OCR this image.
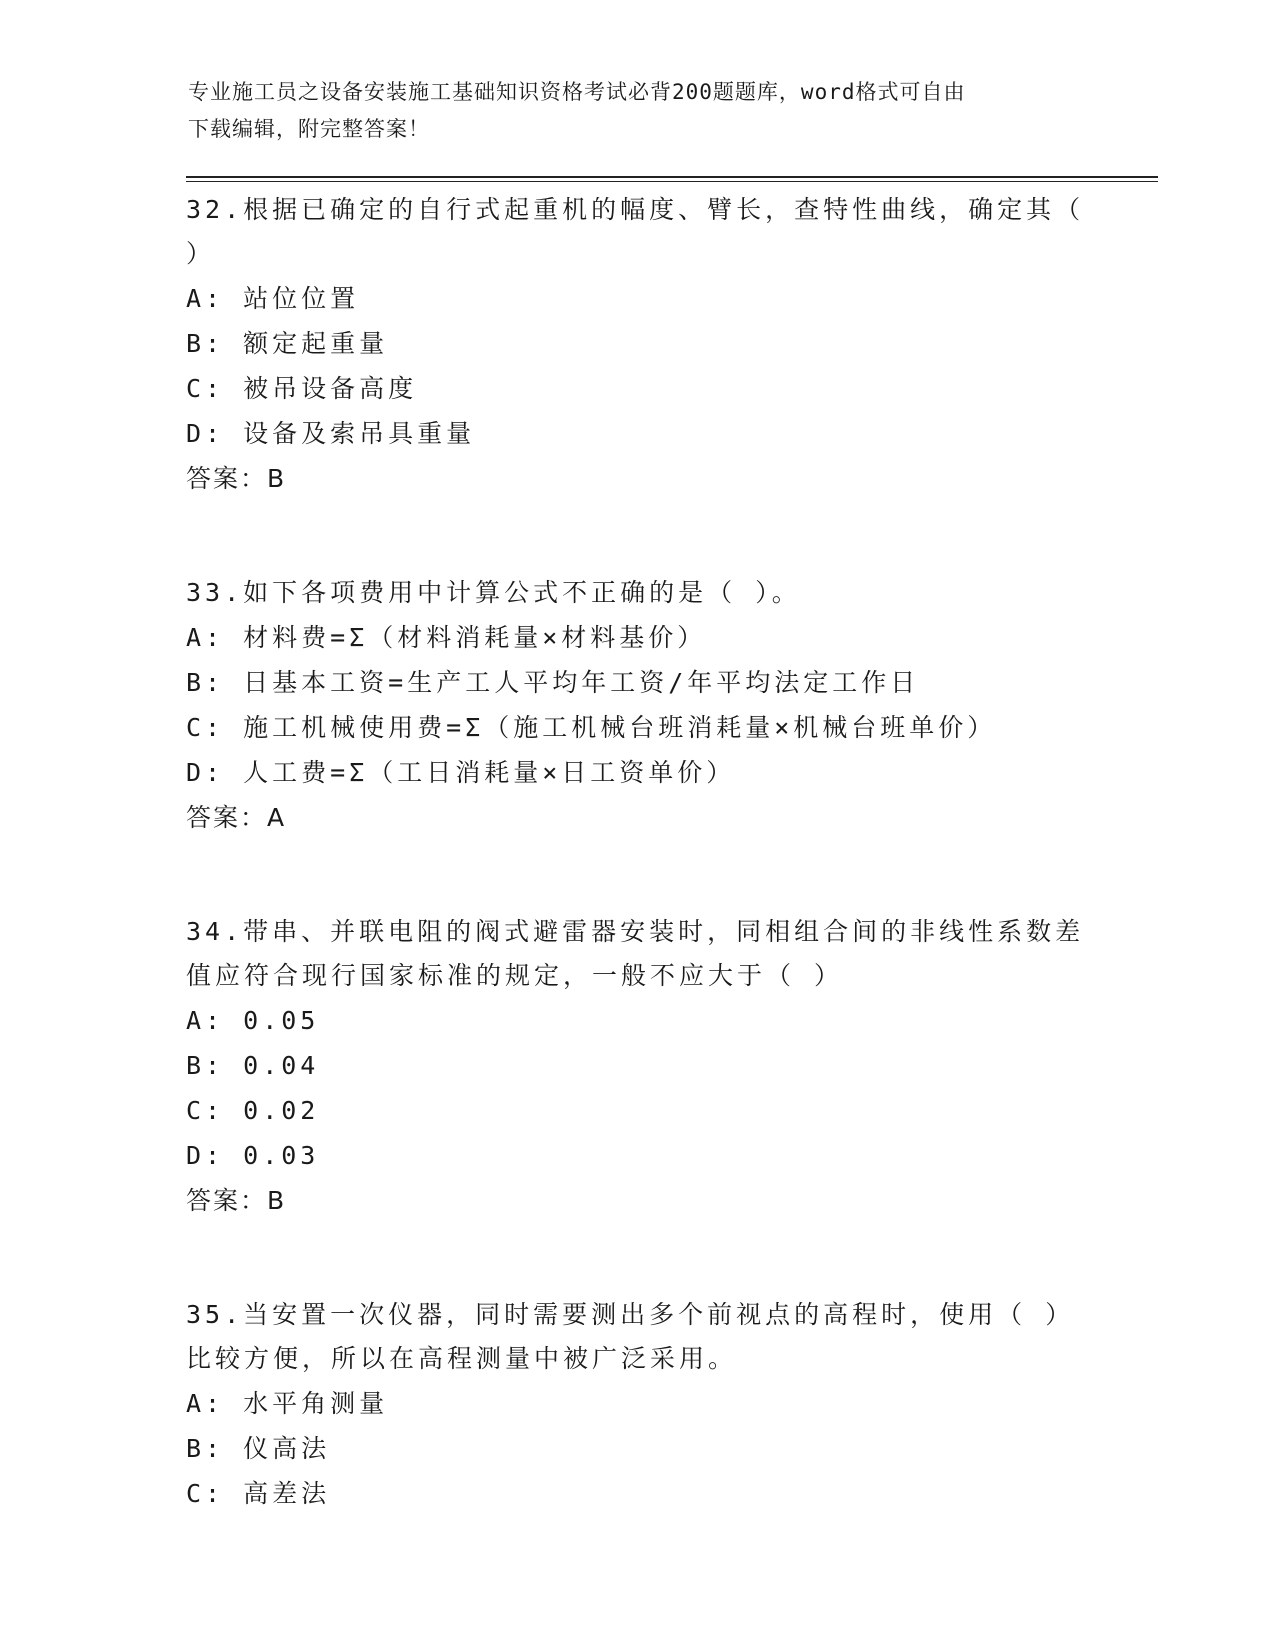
专业施工员之设备安装施工基础知识资格考试必背200题题库，word格式可自由
下载编辑，附完整答案！

32.根据已确定的自行式起重机的幅度、臂长，查特性曲线，确定其（

）

A: 站位位置

B: 额定起重量

C: 被吊设备高度

D: 设备及索吊具重量

答案：B

33.如下各项费用中计算公式不正确的是（ ）。

A: 材料费=Σ（材料消耗量×材料基价）

B: 日基本工资=生产工人平均年工资/年平均法定工作日

C: 施工机械使用费=Σ（施工机械台班消耗量×机械台班单价）

D: 人工费=Σ（工日消耗量×日工资单价）

答案：A

34.带串、并联电阻的阀式避雷器安装时，同相组合间的非线性系数差

值应符合现行国家标准的规定，一般不应大于（ ）

A: 0.05

B: 0.04

C: 0.02

D: 0.03

答案：B

35.当安置一次仪器，同时需要测出多个前视点的高程时，使用（ ）

比较方便，所以在高程测量中被广泛采用。

A: 水平角测量

B: 仪高法

C: 高差法
